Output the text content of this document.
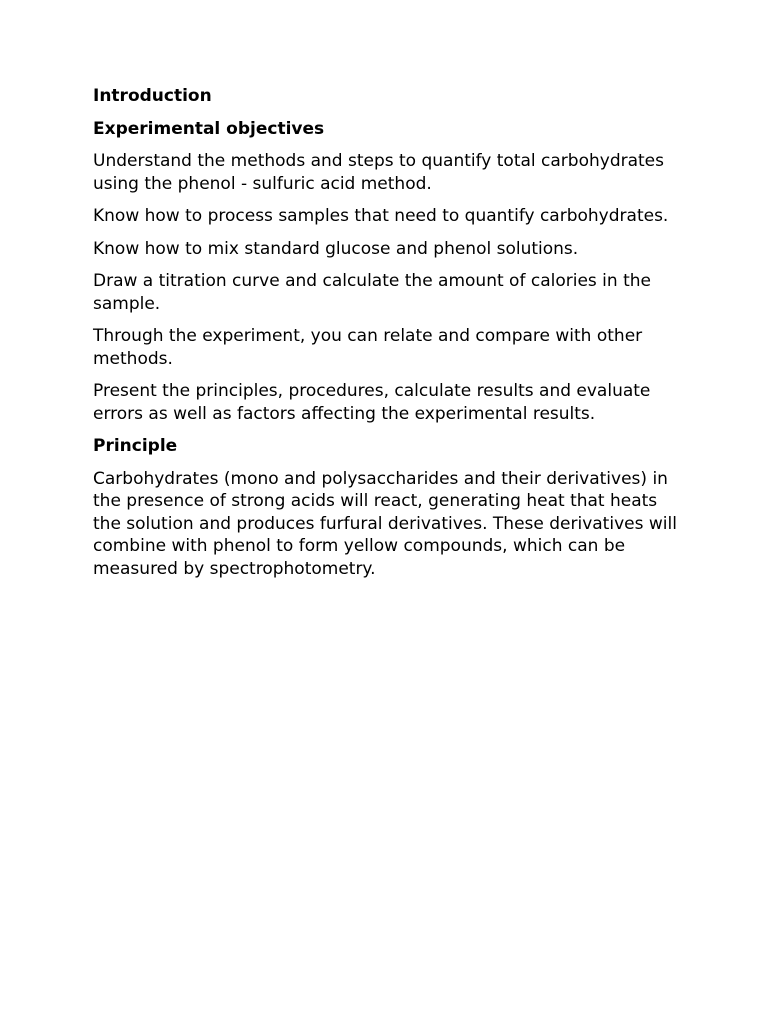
Introduction

Experimental objectives

Understand the methods and steps to quantify total carbohydrates using the phenol - sulfuric acid method.

Know how to process samples that need to quantify carbohydrates.

Know how to mix standard glucose and phenol solutions.

Draw a titration curve and calculate the amount of calories in the sample.

Through the experiment, you can relate and compare with other methods.

Present the principles, procedures, calculate results and evaluate errors as well as factors affecting the experimental results.

Principle

Carbohydrates (mono and polysaccharides and their derivatives) in the presence of strong acids will react, generating heat that heats the solution and produces furfural derivatives. These derivatives will combine with phenol to form yellow compounds, which can be measured by spectrophotometry.
